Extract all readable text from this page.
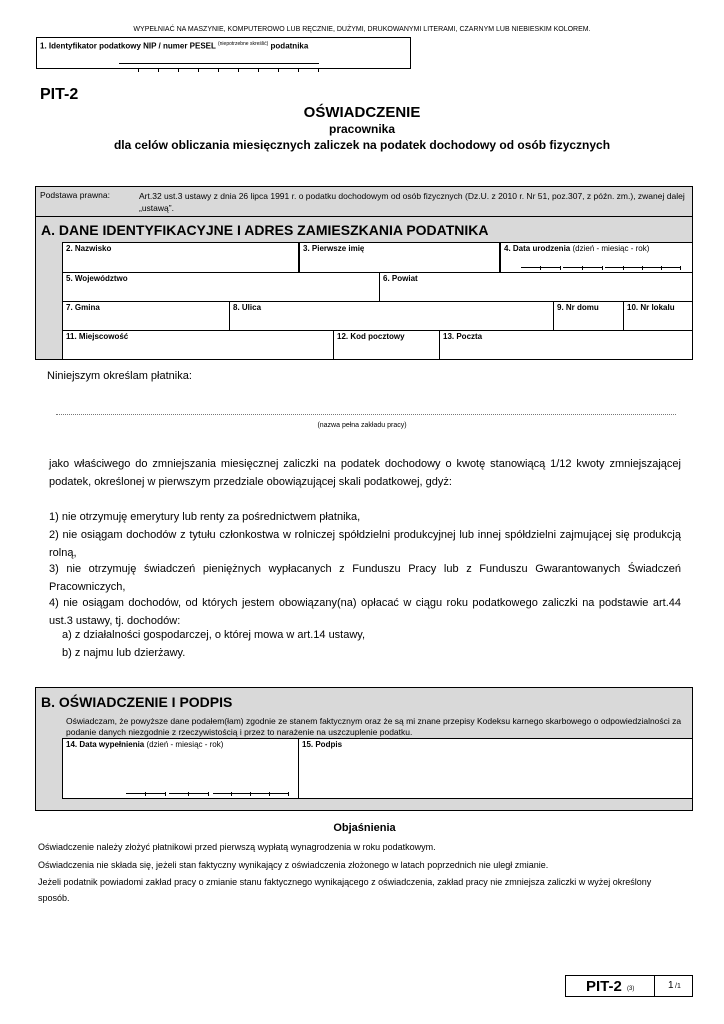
WYPEŁNIAĆ NA MASZYNIE, KOMPUTEROWO LUB RĘCZNIE, DUŻYMI, DRUKOWANYMI LITERAMI, CZARNYM LUB NIEBIESKIM KOLOREM.
1. Identyfikator podatkowy NIP / numer PESEL $^{(niepotrzebne skreślić)}$ podatnika
PIT-2
OŚWIADCZENIE
pracownika
dla celów obliczania miesięcznych zaliczek na podatek dochodowy od osób fizycznych
Podstawa prawna:	Art.32 ust.3 ustawy z dnia 26 lipca 1991 r. o podatku dochodowym od osób fizycznych (Dz.U. z 2010 r. Nr 51, poz.307, z późn. zm.), zwanej dalej „ustawą”.
A. DANE IDENTYFIKACYJNE I ADRES ZAMIESZKANIA PODATNIKA
2. Nazwisko	3. Pierwsze imię	4. Data urodzenia (dzień - miesiąc - rok)
5. Województwo	6. Powiat
7. Gmina	8. Ulica	9. Nr domu	10. Nr lokalu
11. Miejscowość	12. Kod pocztowy	13. Poczta
Niniejszym określam płatnika:
(nazwa pełna zakładu pracy)
jako właściwego do zmniejszania miesięcznej zaliczki na podatek dochodowy o kwotę stanowiącą 1/12 kwoty zmniejszającej podatek, określonej w pierwszym przedziale obowiązującej skali podatkowej, gdyż:
1) nie otrzymuję emerytury lub renty za pośrednictwem płatnika,
2) nie osiągam dochodów z tytułu członkostwa w rolniczej spółdzielni produkcyjnej lub innej spółdzielni zajmującej się produkcją rolną,
3) nie otrzymuję świadczeń pieniężnych wypłacanych z Funduszu Pracy lub z Funduszu Gwarantowanych Świadczeń Pracowniczych,
4) nie osiągam dochodów, od których jestem obowiązany(na) opłacać w ciągu roku podatkowego zaliczki na podstawie art.44 ust.3 ustawy, tj. dochodów:
a) z działalności gospodarczej, o której mowa w art.14 ustawy,
b) z najmu lub dzierżawy.
B. OŚWIADCZENIE I PODPIS
Oświadczam, że powyższe dane podałem(łam) zgodnie ze stanem faktycznym oraz że są mi znane przepisy Kodeksu karnego skarbowego o odpowiedzialności za podanie danych niezgodnie z rzeczywistością i przez to narażenie na uszczuplenie podatku.
14. Data wypełnienia (dzień - miesiąc - rok)	15. Podpis
Objaśnienia
Oświadczenie należy złożyć płatnikowi przed pierwszą wypłatą wynagrodzenia w roku podatkowym.
Oświadczenia nie składa się, jeżeli stan faktyczny wynikający z oświadczenia złożonego w latach poprzednich nie uległ zmianie.
Jeżeli podatnik powiadomi zakład pracy o zmianie stanu faktycznego wynikającego z oświadczenia, zakład pracy nie zmniejsza zaliczki w wyżej określony sposób.
PIT-2 (3)	1 /1
